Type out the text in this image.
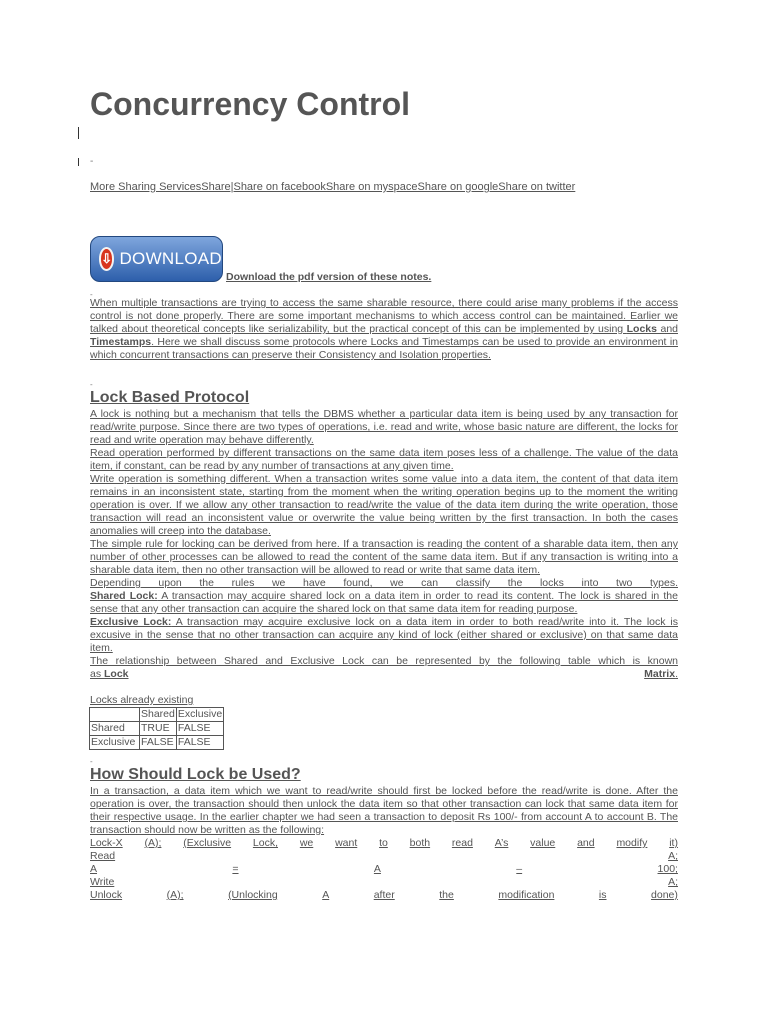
Concurrency Control
-
More Sharing ServicesShare|Share on facebookShare on myspaceShare on googleShare on twitter
⇩ DOWNLOAD
Download the pdf version of these notes.
-

When multiple transactions are trying to access the same sharable resource, there could arise many problems if the access control is not done properly. There are some important mechanisms to which access control can be maintained. Earlier we talked about theoretical concepts like serializability, but the practical concept of this can be implemented by using Locks and Timestamps. Here we shall discuss some protocols where Locks and Timestamps can be used to provide an environment in which concurrent transactions can preserve their Consistency and Isolation properties.

-
Lock Based Protocol

A lock is nothing but a mechanism that tells the DBMS whether a particular data item is being used by any transaction for read/write purpose. Since there are two types of operations, i.e. read and write, whose basic nature are different, the locks for read and write operation may behave differently.

Read operation performed by different transactions on the same data item poses less of a challenge. The value of the data item, if constant, can be read by any number of transactions at any given time.

Write operation is something different. When a transaction writes some value into a data item, the content of that data item remains in an inconsistent state, starting from the moment when the writing operation begins up to the moment the writing operation is over. If we allow any other transaction to read/write the value of the data item during the write operation, those transaction will read an inconsistent value or overwrite the value being written by the first transaction. In both the cases anomalies will creep into the database.

The simple rule for locking can be derived from here. If a transaction is reading the content of a sharable data item, then any number of other processes can be allowed to read the content of the same data item. But if any transaction is writing into a sharable data item, then no other transaction will be allowed to read or write that same data item.

Depending upon the rules we have found, we can classify the locks into two types.

Shared Lock: A transaction may acquire shared lock on a data item in order to read its content. The lock is shared in the sense that any other transaction can acquire the shared lock on that same data item for reading purpose.

Exclusive Lock: A transaction may acquire exclusive lock on a data item in order to both read/write into it. The lock is excusive in the sense that no other transaction can acquire any kind of lock (either shared or exclusive) on that same data item.

The relationship between Shared and Exclusive Lock can be represented by the following table which is known

as Lock	Matrix.
Locks already existing
	Shared	Exclusive
Shared	TRUE	FALSE
Exclusive	FALSE	FALSE
-
How Should Lock be Used?

In a transaction, a data item which we want to read/write should first be locked before the read/write is done. After the operation is over, the transaction should then unlock the data item so that other transaction can lock that same data item for their respective usage. In the earlier chapter we had seen a transaction to deposit Rs 100/- from account A to account B. The transaction should now be written as the following:

Lock-X (A); (Exclusive Lock, we want to both read A’s value and modify it)
Read	A;
A	=	A	–	100;
Write	A;
Unlock	(A);	(Unlocking	A	after	the	modification	is	done)
